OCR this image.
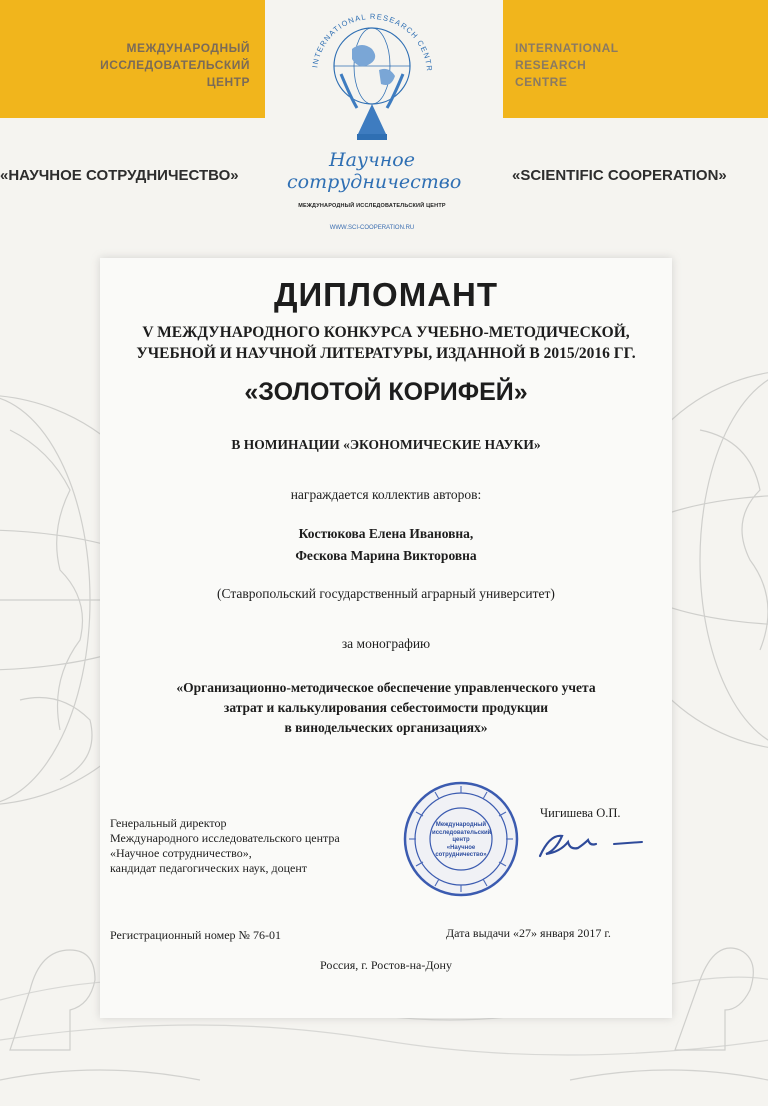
МЕЖДУНАРОДНЫЙ
ИССЛЕДОВАТЕЛЬСКИЙ
ЦЕНТР
INTERNATIONAL
RESEARCH
CENTRE
«НАУЧНОЕ СОТРУДНИЧЕСТВО»	«SCIENTIFIC COOPERATION»
INTERNATIONAL RESEARCH CENTR
Научное
сотрудничество
МЕЖДУНАРОДНЫЙ ИССЛЕДОВАТЕЛЬСКИЙ ЦЕНТР
WWW.SCI-COOPERATION.RU
ДИПЛОМАНТ
V МЕЖДУНАРОДНОГО КОНКУРСА УЧЕБНО-МЕТОДИЧЕСКОЙ,
УЧЕБНОЙ И НАУЧНОЙ ЛИТЕРАТУРЫ, ИЗДАННОЙ В 2015/2016 ГГ.
«ЗОЛОТОЙ КОРИФЕЙ»
В НОМИНАЦИИ «ЭКОНОМИЧЕСКИЕ НАУКИ»
награждается коллектив авторов:
Костюкова Елена Ивановна,
Фескова Марина Викторовна
(Ставропольский государственный аграрный университет)
за монографию
«Организационно-методическое обеспечение управленческого учета
затрат и калькулирования себестоимости продукции
в винодельческих организациях»
Генеральный директор
Международного исследовательского центра
«Научное сотрудничество»,
кандидат педагогических наук, доцент
Чигишева О.П.
Международный
исследовательский центр
«Научное
сотрудничество»
Регистрационный номер № 76-01	Дата выдачи «27» января 2017 г.
Россия, г. Ростов-на-Дону
